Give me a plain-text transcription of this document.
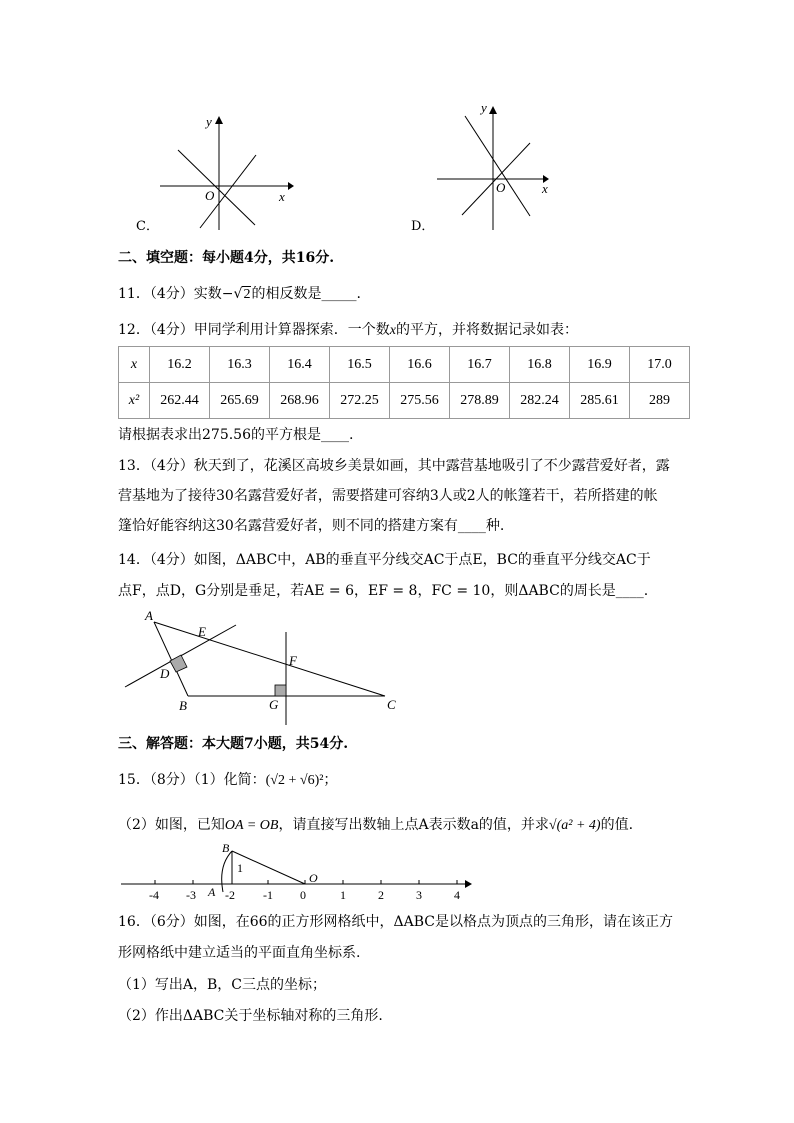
y
x
O
C．
y
x
O
D．
二、填空题：每小题4分，共16分.
11．（4分）实数− √ 2的相反数是_____.
12．（4分）甲同学利用计算器探索．一个数x的平方，并将数据记录如表：
x	16.2	16.3	16.4	16.5	16.6	16.7	16.8	16.9	17.0
x²	262.44	265.69	268.96	272.25	275.56	278.89	282.24	285.61	289
请根据表求出275.56的平方根是____.
13．（4分）秋天到了，花溪区高坡乡美景如画，其中露营基地吸引了不少露营爱好者，露
营基地为了接待30名露营爱好者，需要搭建可容纳3人或2人的帐篷若干，若所搭建的帐
篷恰好能容纳这30名露营爱好者，则不同的搭建方案有____种.
14．（4分）如图，ΔABC中，AB的垂直平分线交AC于点E，BC的垂直平分线交AC于
点F，点D，G分别是垂足，若AE = 6，EF = 8，FC = 10，则ΔABC的周长是____.
A
E
F
D
B	G	C
三、解答题：本大题7小题，共54分.
15．（8分）（1）化简：(√2 + √6)²；
（2）如图，已知OA = OB，请直接写出数轴上点A表示数a的值，并求√(a² + 4)的值.
B
1
O
A
-4 -3 -2 -1 0	1	2	3	4
16．（6分）如图，在66的正方形网格纸中，ΔABC是以格点为顶点的三角形，请在该正方
形网格纸中建立适当的平面直角坐标系.
（1）写出A，B，C三点的坐标；
（2）作出ΔABC关于坐标轴对称的三角形.
